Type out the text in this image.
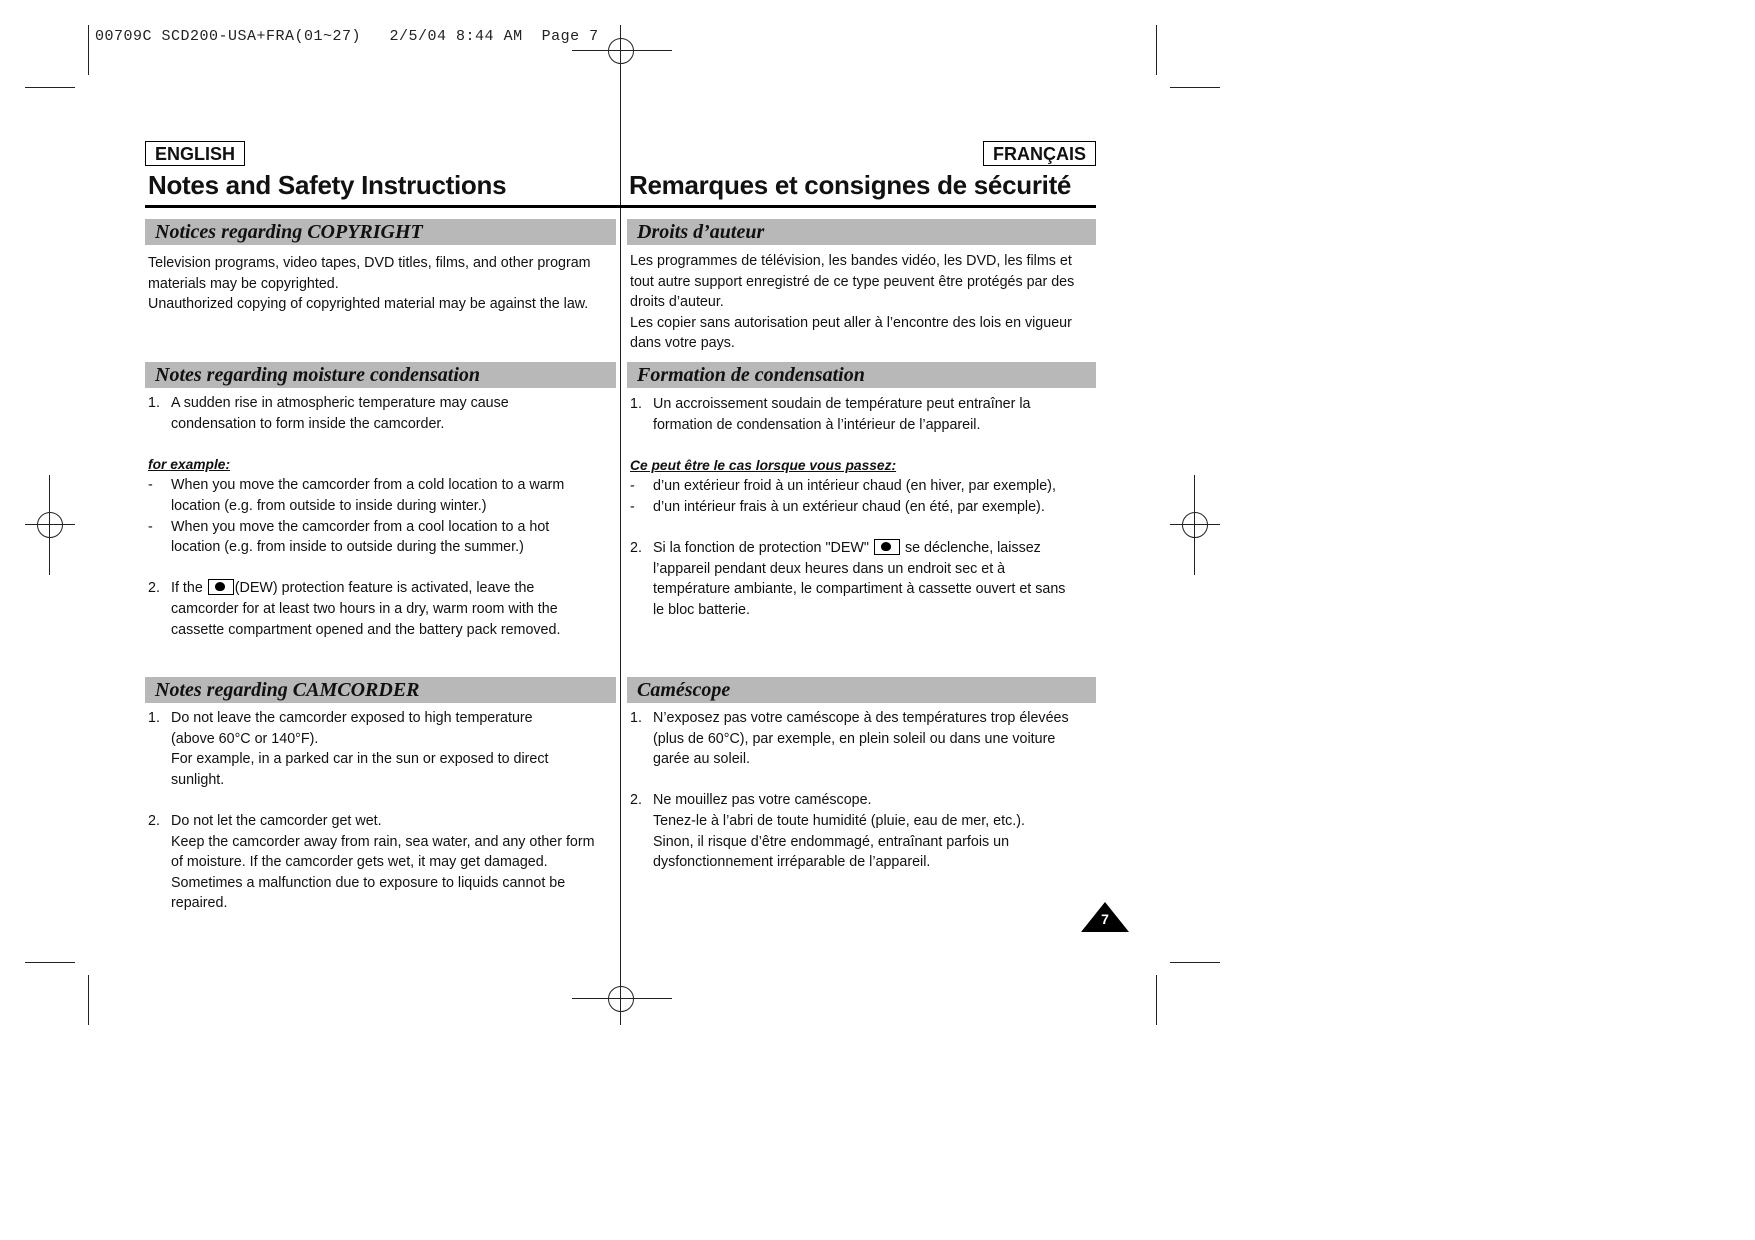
00709C SCD200-USA+FRA(01~27)   2/5/04 8:44 AM  Page 7
ENGLISH	FRANÇAIS
Notes and Safety Instructions	Remarques et consignes de sécurité
Notices regarding COPYRIGHT	Droits d’auteur
Notes regarding moisture condensation	Formation de condensation
Notes regarding CAMCORDER	Caméscope

Television programs, video tapes, DVD titles, films, and other program

materials may be copyrighted.

Unauthorized copying of copyrighted material may be against the law.

Les programmes de télévision, les bandes vidéo, les DVD, les films et

tout autre support enregistré de ce type peuvent être protégés par des

droits d’auteur.

Les copier sans autorisation peut aller à l’encontre des lois en vigueur

dans votre pays.

1. A sudden rise in atmospheric temperature may cause

condensation to form inside the camcorder.

for example:

- When you move the camcorder from a cold location to a warm

location (e.g. from outside to inside during winter.)

- When you move the camcorder from a cool location to a hot

location (e.g. from inside to outside during the summer.)

2. If the (DEW) protection feature is activated, leave the

camcorder for at least two hours in a dry, warm room with the

cassette compartment opened and the battery pack removed.

1. Un accroissement soudain de température peut entraîner la

formation de condensation à l’intérieur de l’appareil.

Ce peut être le cas lorsque vous passez:

- d’un extérieur froid à un intérieur chaud (en hiver, par exemple),

- d’un intérieur frais à un extérieur chaud (en été, par exemple).

2. Si la fonction de protection "DEW"	se déclenche, laissez

l’appareil pendant deux heures dans un endroit sec et à

température ambiante, le compartiment à cassette ouvert et sans

le bloc batterie.

1. Do not leave the camcorder exposed to high temperature

(above 60°C or 140°F).

For example, in a parked car in the sun or exposed to direct

sunlight.

2. Do not let the camcorder get wet.

Keep the camcorder away from rain, sea water, and any other form

of moisture. If the camcorder gets wet, it may get damaged.

Sometimes a malfunction due to exposure to liquids cannot be

repaired.

1. N’exposez pas votre caméscope à des températures trop élevées

(plus de 60°C), par exemple, en plein soleil ou dans une voiture

garée au soleil.

2. Ne mouillez pas votre caméscope.

Tenez-le à l’abri de toute humidité (pluie, eau de mer, etc.).

Sinon, il risque d’être endommagé, entraînant parfois un

dysfonctionnement irréparable de l’appareil.

7
